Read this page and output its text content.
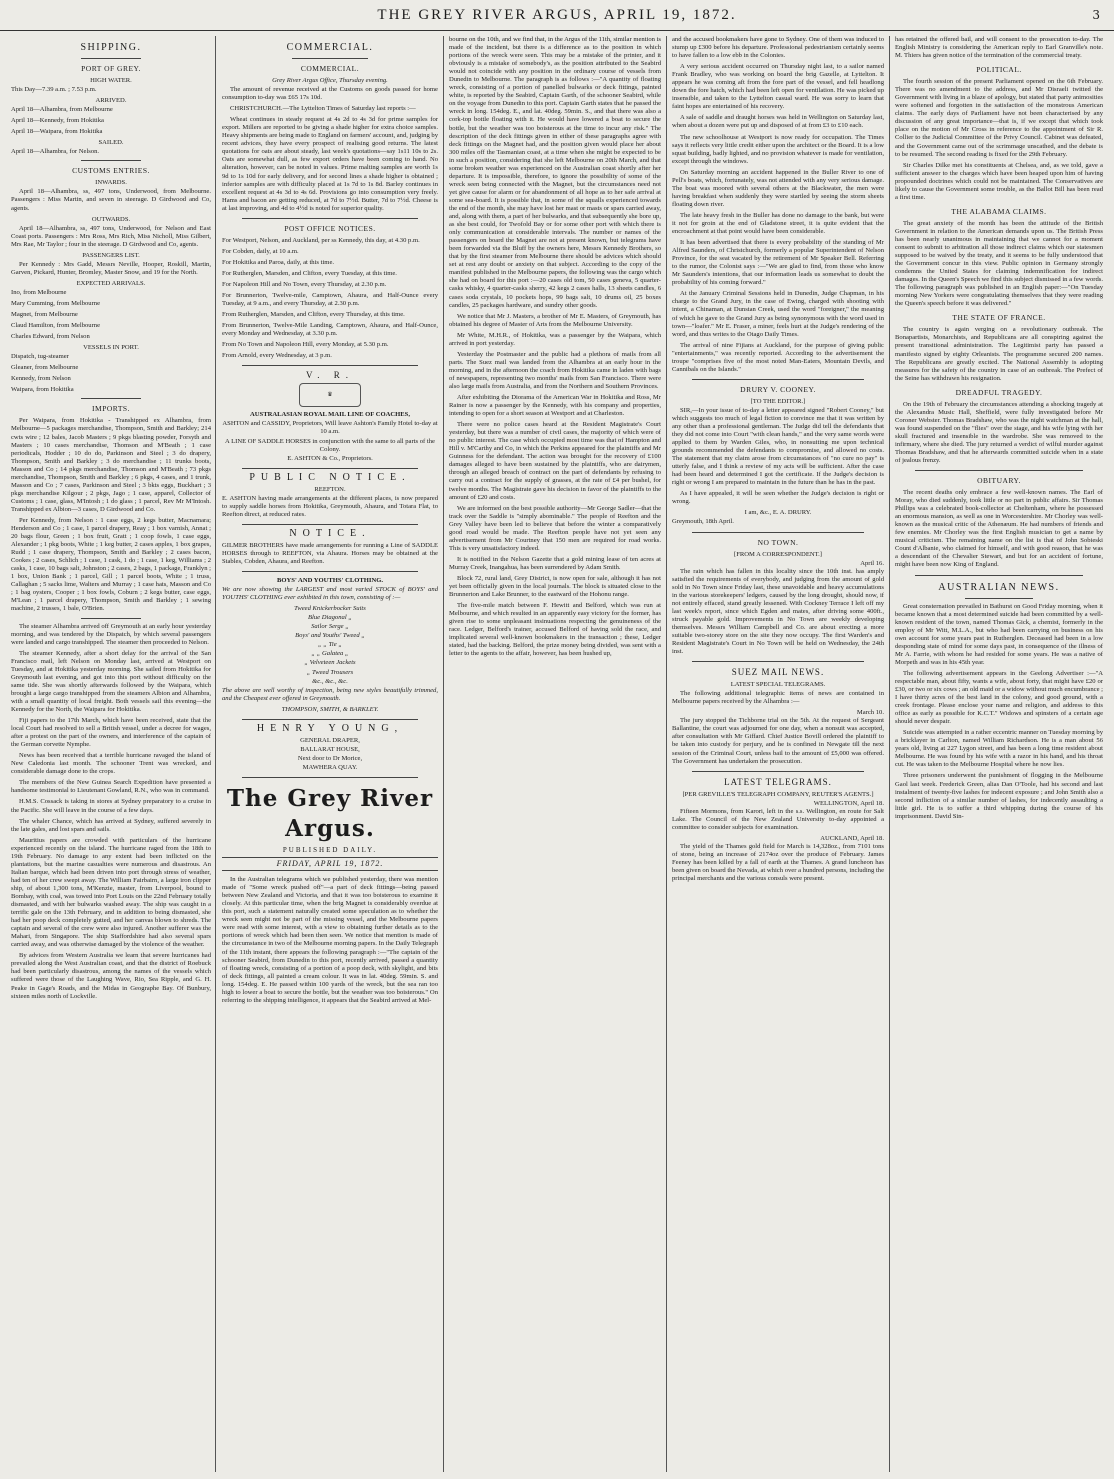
THE GREY RIVER ARGUS, APRIL 19, 1872.	3
SHIPPING.
PORT OF GREY.
HIGH WATER.

This Day—7.39 a.m. ; 7.53 p.m.

ARRIVED.

April 18—Alhambra, from Melbourne

April 18—Kennedy, from Hokitika

April 18—Waipara, from Hokitika

SAILED.

April 18—Alhambra, for Nelson.

CUSTOMS ENTRIES.
INWARDS.

April 18—Alhambra, ss, 497 tons, Underwood, from Melbourne. Passengers : Miss Martin, and seven in steerage. D Girdwood and Co, agents.

OUTWARDS.

April 18—Alhambra, ss, 497 tons, Underwood, for Nelson and East Coast ports. Passengers : Mrs Ross, Mrs Rich, Miss Nicholl, Miss Gilbert, Mrs Rae, Mr Taylor ; four in the steerage. D Girdwood and Co, agents.

PASSENGERS LIST.

Per Kennedy : Mrs Gadd, Messrs Neville, Hooper, Roskill, Martin, Garven, Pickard, Hunter, Bromley, Master Snow, and 19 for the North.

EXPECTED ARRIVALS.

Ino, from Melbourne

Mary Cumming, from Melbourne

Magnet, from Melbourne

Claud Hamilton, from Melbourne

Charles Edward, from Nelson

VESSELS IN PORT.

Dispatch, tug-steamer

Gleaner, from Melbourne

Kennedy, from Nelson

Waipara, from Hokitika

IMPORTS.

Per Waipara, from Hokitika - Transhipped ex Alhambra, from Melbourne—5 packages merchandise, Thompson, Smith and Barkley; 214 cwts wire ; 12 bales, Jacob Masters ; 9 pkgs blasting powder, Forsyth and Masters ; 10 cases merchandise, Thomson and M'Beath ; 1 case periodicals, Hodder ; 10 do do, Parkinson and Steel ; 3 do drapery, Thompson, Smith and Barkley ; 3 do merchandise ; 11 trunks boots, Masson and Co ; 14 pkgs merchandise, Thomson and M'Beath ; 73 pkgs merchandise, Thompson, Smith and Barkley ; 6 pkgs, 4 cases, and 1 trunk, Masson and Co ; 7 cases, Parkinson and Steel ; 3 bkts eggs, Buckhart ; 3 pkgs merchandise Kilgour ; 2 pkgs, Jago ; 1 case, apparel, Collector of Customs ; 1 case, glass, M'Intosh ; 1 do glass ; 1 parcel, Rev Mr M'Intosh. Transhipped ex Albion—3 cases, D Girdwood and Co.

Per Kennedy, from Nelson : 1 case eggs, 2 kegs butter, Macnamara; Henderson and Co ; 1 case, 1 parcel drapery, Reay ; 1 box varnish, Annat ; 20 bags flour, Green ; 1 box fruit, Gratt ; 1 coop fowls, 1 case eggs, Alexander ; 1 pkg boots, White ; 1 keg butter, 2 cases apples, 1 box grapes, Rudd ; 1 case drapery, Thompson, Smith and Barkley ; 2 cases bacon, Cookes ; 2 cases, Schlich ; 1 case, 1 cask, 1 do ; 1 case, 1 keg, Williams ; 2 casks, 1 case, 10 bags salt, Johnston ; 2 cases, 2 bags, 1 package, Franklyn ; 1 box, Union Bank ; 1 parcel, Gill ; 1 parcel boots, White ; 1 truss, Callaghan ; 5 sacks lime, Walters and Murray ; 1 case hats, Masson and Co ; 1 bag oysters, Cooper ; 1 box fowls, Coburn ; 2 kegs butter, case eggs, M'Lean ; 1 parcel drapery, Thompson, Smith and Barkley ; 1 sewing machine, 2 trusses, 1 bale, O'Brien.

The steamer Alhambra arrived off Greymouth at an early hour yesterday morning, and was tendered by the Dispatch, by which several passengers were landed and cargo transhipped. The steamer then proceeded to Nelson.

The steamer Kennedy, after a short delay for the arrival of the San Francisco mail, left Nelson on Monday last, arrived at Westport on Tuesday, and at Hokitika yesterday morning. She sailed from Hokitika for Greymouth last evening, and got into this port without difficulty on the same tide. She was shortly afterwards followed by the Waipara, which brought a large cargo transhipped from the steamers Albion and Alhambra, with a small quantity of local freight. Both vessels sail this evening—the Kennedy for the North, the Waipara for Hokitika.

Fiji papers to the 17th March, which have been received, state that the local Court had resolved to sell a British vessel, under a decree for wages, after a protest on the part of the owners, and interference of the captain of the German corvette Nymphe.

News has been received that a terrible hurricane ravaged the island of New Caledonia last month. The schooner Trent was wrecked, and considerable damage done to the crops.

The members of the New Guinea Search Expedition have presented a handsome testimonial to Lieutenant Gowland, R.N., who was in command.

H.M.S. Cossack is taking in stores at Sydney preparatory to a cruise in the Pacific. She will leave in the course of a few days.

The whaler Chance, which has arrived at Sydney, suffered severely in the late gales, and lost spars and sails.

Mauritius papers are crowded with particulars of the hurricane experienced recently on the island. The hurricane raged from the 18th to 19th February. No damage to any extent had been inflicted on the plantations, but the marine casualties were numerous and disastrous. An Italian barque, which had been driven into port through stress of weather, had ten of her crew swept away. The William Fairbairn, a large iron clipper ship, of about 1,300 tons, M'Kenzie, master, from Liverpool, bound to Bombay, with coal, was towed into Port Louis on the 22nd February totally dismasted, and with her bulwarks washed away. The ship was caught in a terrific gale on the 13th February, and in addition to being dismasted, she had her poop deck completely gutted, and her canvas blown to shreds. The captain and several of the crew were also injured. Another sufferer was the Mahari, from Singapore. The ship Staffordshire had also several spars carried away, and was otherwise damaged by the violence of the weather.

By advices from Western Australia we learn that severe hurricanes had prevailed along the West Australian coast, and that the district of Roebuck had been particularly disastrous, among the names of the vessels which suffered were those of the Laughing Wave, Rio, Sea Ripple, and G. H. Peake in Gage's Roads, and the Midas in Geographe Bay. Of Bunbury, sixteen miles north of Lockville.

COMMERCIAL.
COMMERCIAL.
Grey River Argus Office, Thursday evening.

The amount of revenue received at the Customs on goods passed for home consumption to-day was £65 17s 10d.

CHRISTCHURCH.—The Lyttelton Times of Saturday last reports :—

Wheat continues in steady request at 4s 2d to 4s 3d for prime samples for export. Millers are reported to be giving a shade higher for extra choice samples. Heavy shipments are being made to England on farmers' account, and, judging by recent advices, they have every prospect of realising good returns. The latest quotations for oats are about steady, last week's quotations—say 1s11 10s to 2s. Oats are somewhat dull, as few export orders have been coming to hand. No alteration, however, can be noted in values. Prime malting samples are worth 1s 9d to 1s 10d for early delivery, and for second lines a shade higher is obtained ; inferior samples are with difficulty placed at 1s 7d to 1s 8d. Barley continues in excellent request at 4s 3d to 4s 6d. Provisions go into consumption very freely. Hams and bacon are getting reduced, at 7d to 7½d. Butter, 7d to 7½d. Cheese is at last improving, and 4d to 4½d is noted for superior quality.

POST OFFICE NOTICES.

For Westport, Nelson, and Auckland, per ss Kennedy, this day, at 4.30 p.m.

For Cobden, daily, at 10 a.m.

For Hokitika and Paroa, daily, at this time.

For Rutherglen, Marsden, and Clifton, every Tuesday, at this time.

For Napoleon Hill and No Town, every Thursday, at 2.30 p.m.

For Brunnerton, Twelve-mile, Camptown, Ahaura, and Half-Ounce every Tuesday, at 9 a.m., and every Thursday, at 2.30 p.m.

From Rutherglen, Marsden, and Clifton, every Thursday, at this time.

From Brunnerton, Twelve-Mile Landing, Camptown, Ahaura, and Half-Ounce, every Monday and Wednesday, at 3.30 p.m.

From No Town and Napoleon Hill, every Monday, at 5.30 p.m.

From Arnold, every Wednesday, at 3 p.m.

V. R.
♛
AUSTRALASIAN ROYAL MAIL LINE OF COACHES,

ASHTON and CASSIDY, Proprietors, Will leave Ashton's Family Hotel to-day at 10 a.m.

A LINE OF SADDLE HORSES in conjunction with the same to all parts of the Colony.

E. ASHTON & Co., Proprietors.
PUBLIC NOTICE.
REEFTON.

E. ASHTON having made arrangements at the different places, is now prepared to supply saddle horses from Hokitika, Greymouth, Ahaura, and Totara Flat, to Reefton direct, at reduced rates.

NOTICE.

GILMER BROTHERS have made arrangements for running a Line of SADDLE HORSES through to REEFTON, via Ahaura. Horses may be obtained at the Stables, Cobden, Ahaura, and Reefton.

BOYS' AND YOUTHS' CLOTHING.

We are now showing the LARGEST and most varied STOCK of BOYS' and YOUTHS' CLOTHING ever exhibited in this town, consisting of :—

Tweed Knickerbocker Suits

Blue Diagonal „

Sailor Serge „

Boys' and Youths' Tweed „

„ „ Tie „

„ „ Galatea „

„ Velveteen Jackets

„ Tweed Trousers

&c., &c., &c.

The above are well worthy of inspection, being new styles beautifully trimmed, and the Cheapest ever offered in Greymouth.

THOMPSON, SMITH, & BARKLEY.
HENRY YOUNG,
GENERAL DRAPER,
BALLARAT HOUSE,
Next door to Dr Morice,
MAWHERA QUAY.
The Grey River Argus.
PUBLISHED DAILY.
FRIDAY, APRIL 19, 1872.

In the Australian telegrams which we published yesterday, there was mention made of "Some wreck pushed off"—a part of deck fittings—being passed between New Zealand and Victoria, and that it was too boisterous to examine it closely. At this particular time, when the brig Magnet is considerably overdue at this port, such a statement naturally created some speculation as to whether the wreck seen might not be part of the missing vessel, and the Melbourne papers were read with some interest, with a view to obtaining further details as to the portions of wreck which had been then seen. We notice that mention is made of the circumstance in two of the Melbourne morning papers. In the Daily Telegraph of the 11th instant, there appears the following paragraph :—"The captain of the schooner Seabird, from Dunedin to this port, recently arrived, passed a quantity of floating wreck, consisting of a portion of a poop deck, with skylight, and bits of deck fittings, all painted a cream colour. It was in lat. 40deg. 59min. S. and long. 154deg. E. He passed within 100 yards of the wreck, but the sea ran too high to lower a boat to secure the bottle, but the weather was too boisterous." On referring to the shipping intelligence, it appears that the Seabird arrived at Mel-

bourne on the 10th, and we find that, in the Argus of the 11th, similar mention is made of the incident, but there is a difference as to the position in which portions of the wreck were seen. This may be a mistake of the printer, and it obviously is a mistake of somebody's, as the position attributed to the Seabird would not coincide with any position in the ordinary course of vessels from Dunedin to Melbourne. The paragraph is as follows :—"A quantity of floating wreck, consisting of a portion of panelled bulwarks or deck fittings, painted white, is reported by the Seabird, Captain Garth, of the schooner Seabird, while on the voyage from Dunedin to this port. Captain Garth states that he passed the wreck in long. 154deg. E., and lat. 40deg. 59min. S., and that there was also a cork-top bottle floating with it. He would have lowered a boat to secure the bottle, but the weather was too boisterous at the time to incur any risk." The description of the deck fittings given in either of these paragraphs agree with deck fittings on the Magnet had, and the position given would place her about 300 miles off the Tasmanian coast, at a time when she might be expected to be in such a position, considering that she left Melbourne on 20th March, and that some broken weather was experienced on the Australian coast shortly after her departure. It is impossible, therefore, to ignore the possibility of some of the wreck seen being connected with the Magnet, but the circumstances need not yet give cause for alarm or for abandonment of all hope as to her safe arrival at some sea-board. It is possible that, in some of the squalls experienced towards the end of the month, she may have lost her mast or masts or spars carried away, and, along with them, a part of her bulwarks, and that subsequently she bore up, as she best could, for Twofold Bay or for some other port with which there is only communication at considerable intervals. The number or names of the passengers on board the Magnet are not at present known, but telegrams have been forwarded via the Bluff by the owners here, Messrs Kennedy Brothers, so that by the first steamer from Melbourne there should be advices which should set at rest any doubt or anxiety on that subject. According to the copy of the manifest published in the Melbourne papers, the following was the cargo which she had on board for this port :—20 cases old tom, 50 cases geneva, 5 quarter-casks whisky, 4 quarter-casks sherry, 42 kegs 2 cases halls, 13 sheets candles, 6 cases soda crystals, 10 pockets hops, 99 bags salt, 10 drums oil, 25 boxes candles, 25 packages hardware, and sundry other goods.

We notice that Mr J. Masters, a brother of Mr E. Masters, of Greymouth, has obtained his degree of Master of Arts from the Melbourne University.

Mr White, M.H.R., of Hokitika, was a passenger by the Waipara, which arrived in port yesterday.

Yesterday the Postmaster and the public had a plethora of mails from all parts. The Suez mail was landed from the Alhambra at an early hour in the morning, and in the afternoon the coach from Hokitika came in laden with bags of newspapers, representing two months' mails from San Francisco. There were also large mails from Australia, and from the Northern and Southern Provinces.

After exhibiting the Diorama of the American War in Hokitika and Ross, Mr Rainer is now a passenger by the Kennedy, with his company and properties, intending to open for a short season at Westport and at Charleston.

There were no police cases heard at the Resident Magistrate's Court yesterday, but there was a number of civil cases, the majority of which were of no public interest. The case which occupied most time was that of Hampton and Hill v. M'Carthy and Co, in which the Perkins appeared for the plaintiffs and Mr Guinness for the defendant. The action was brought for the recovery of £100 damages alleged to have been sustained by the plaintiffs, who are dairymen, through an alleged breach of contract on the part of defendants by refusing to carry out a contract for the supply of grasses, at the rate of £4 per bushel, for twelve months. The Magistrate gave his decision in favor of the plaintiffs to the amount of £20 and costs.

We are informed on the best possible authority—Mr George Sadler—that the track over the Saddle is "simply abominable." The people of Reefton and the Grey Valley have been led to believe that before the winter a comparatively good road would be made. The Reefton people have not yet seen any advertisement from Mr Courtney that 150 men are required for road works. This is very unsatisfactory indeed.

It is notified in the Nelson Gazette that a gold mining lease of ten acres at Murray Creek, Inangahua, has been surrendered by Adam Smith.

Block 72, rural land, Grey District, is now open for sale, although it has not yet been officially given in the local journals. The block is situated close to the Brunnerton and Lake Brunner, to the eastward of the Hohonu range.

The five-mile match between F. Hewitt and Belford, which was run at Melbourne, and which resulted in an apparently easy victory for the former, has given rise to some unpleasant insinuations respecting the genuineness of the race. Ledger, Belford's trainer, accused Belford of having sold the race, and implicated several well-known bookmakers in the transaction ; these, Ledger stated, had the backing. Belford, the prize money being divided, was sent with a letter to the agents to the affair, however, has been hushed up,

and the accused bookmakers have gone to Sydney. One of them was induced to stump up £300 before his departure. Professional pedestrianism certainly seems to have fallen to a low ebb in the Colonies.

A very serious accident occurred on Thursday night last, to a sailor named Frank Bradley, who was working on board the brig Gazelle, at Lyttelton. It appears he was coming aft from the fore part of the vessel, and fell headlong down the fore hatch, which had been left open for ventilation. He was picked up insensible, and taken to the Lyttelton casual ward. He was sorry to learn that faint hopes are entertained of his recovery.

A sale of saddle and draught horses was held in Wellington on Saturday last, when about a dozen were put up and disposed of at from £3 to £10 each.

The new schoolhouse at Westport is now ready for occupation. The Times says it reflects very little credit either upon the architect or the Board. It is a low squat building, badly lighted, and no provision whatever is made for ventilation, except through the windows.

On Saturday morning an accident happened in the Buller River to one of Pell's boats, which, fortunately, was not attended with any very serious damage. The boat was moored with several others at the Blackwater, the men were having breakfast when suddenly they were startled by seeing the storm sheets floating down river.

The late heavy fresh in the Buller has done no damage to the bank, but were it not for groin at the end of Gladstone street, it is quite evident that the encroachment at that point would have been considerable.

It has been advertised that there is every probability of the standing of Mr Alfred Saunders, of Christchurch, formerly a popular Superintendent of Nelson Province, for the seat vacated by the retirement of Mr Speaker Bell. Referring to the rumor, the Colonist says :—"We are glad to find, from those who know Mr Saunders's intentions, that our information leads us somewhat to doubt the probability of his coming forward."

At the January Criminal Sessions held in Dunedin, Judge Chapman, in his charge to the Grand Jury, in the case of Ewing, charged with shooting with intent, a Chinaman, at Dunstan Creek, used the word "foreigner," the meaning of which he gave to the Grand Jury as being synonymous with the word used in town—"loafer." Mr E. Fraser, a miner, feels hurt at the Judge's rendering of the word, and thus writes to the Otago Daily Times.

The arrival of nine Fijians at Auckland, for the purpose of giving public "entertainments," was recently reported. According to the advertisement the troupe "comprises five of the most noted Man-Eaters, Mountain Devils, and Cannibals on the Islands."

DRURY V. COONEY.
[TO THE EDITOR.]

SIR,—In your issue of to-day a letter appeared signed "Robert Cooney," but which suggests too much of legal fiction to convince me that it was written by any other than a professional gentleman. The Judge did tell the defendants that they did not come into Court "with clean hands," and the very same words were applied to them by Warden Giles, who, in nonsuiting me upon technical grounds recommended the defendants to compromise, and allowed no costs. The statement that my claim arose from circumstances of "no cure no pay" is utterly false, and I think a review of my acts will be sufficient. After the case had been heard and determined I got the certificate. If the Judge's decision is right or wrong I am prepared to maintain in the future than he has in the past.

As I have appealed, it will be seen whether the Judge's decision is right or wrong.

I am, &c., E. A. DRURY.

Greymouth, 18th April.

NO TOWN.
[FROM A CORRESPONDENT.]
April 16.

The rain which has fallen in this locality since the 10th inst. has amply satisfied the requirements of everybody, and judging from the amount of gold sold in No Town since Friday last, these unavoidable and heavy accumulations in the various storekeepers' ledgers, caused by the long drought, should now, if not entirely effaced, stand greatly lessened. With Cockney Terrace I left off my last week's report, since which Egden and mates, after driving some 400ft., struck payable gold. Improvements in No Town are weekly developing themselves. Messrs William Campbell and Co. are about erecting a more suitable two-storey store on the site they now occupy. The first Warden's and Resident Magistrate's Court in No Town will be held on Wednesday, the 24th inst.

SUEZ MAIL NEWS.
LATEST SPECIAL TELEGRAMS.

The following additional telegraphic items of news are contained in Melbourne papers received by the Alhambra :—

March 10.

The jury stopped the Tichborne trial on the 5th. At the request of Sergeant Ballantine, the court was adjourned for one day, when a nonsuit was accepted, after consultation with Mr Giffard. Chief Justice Bovill ordered the plaintiff to be taken into custody for perjury, and he is confined in Newgate till the next session of the Criminal Court, unless bail to the amount of £5,000 was offered. The Government has undertaken the prosecution.

LATEST TELEGRAMS.
[PER GREVILLE'S TELEGRAPH COMPANY, REUTER'S AGENTS.]
WELLINGTON, April 18.

Fifteen Mormons, from Karori, left in the s.s. Wellington, en route for Salt Lake. The Council of the New Zealand University to-day appointed a committee to consider subjects for examination.

AUCKLAND, April 18.

The yield of the Thames gold field for March is 14,328oz., from 7101 tons of stone, being an increase of 2174oz over the produce of February. James Feeney has been killed by a fall of earth at the Thames. A grand luncheon has been given on board the Nevada, at which over a hundred persons, including the principal merchants and the various consuls were present.

has retained the offered bail, and will consent to the prosecution to-day. The English Ministry is considering the American reply to Earl Granville's note. M. Thiers has given notice of the termination of the commercial treaty.

POLITICAL.

The fourth session of the present Parliament opened on the 6th February. There was no amendment to the address, and Mr Disraeli twitted the Government with living in a blaze of apology, but stated that party animosities were softened and forgotten in the satisfaction of the monstrous American claims. The early days of Parliament have not been characterised by any discussion of any great importance—that is, if we except that which took place on the motion of Mr Cross in reference to the appointment of Sir R. Collier to the Judicial Committee of the Privy Council. Cabinet was defeated, and the Government came out of the scrimmage unscathed, and the debate is to be resumed. The second reading is fixed for the 29th February.

Sir Charles Dilke met his constituents at Chelsea, and, as we told, gave a sufficient answer to the charges which have been heaped upon him of having propounded doctrines which could not be maintained. The Conservatives are likely to cause the Government some trouble, as the Ballot Bill has been read a first time.

THE ALABAMA CLAIMS.

The great anxiety of the month has been the attitude of the British Government in relation to the American demands upon us. The British Press has been nearly unanimous in maintaining that we cannot for a moment consent to submit to arbitration all those indirect claims which our statesmen supposed to be waived by the treaty, and it seems to be fully understood that the Government concur in this view. Public opinion in Germany strongly condemns the United States for claiming indemnification for indirect damages. In the Queen's Speech we find this subject dismissed in a few words. The following paragraph was published in an English paper:—"On Tuesday morning New Yorkers were congratulating themselves that they were reading the Queen's speech before it was delivered."

THE STATE OF FRANCE.

The country is again verging on a revolutionary outbreak. The Bonapartists, Monarchists, and Republicans are all conspiring against the present transitional administration. The Legitimist party has passed a manifesto signed by eighty Orleanists. The programme secured 200 names. The Republicans are greatly excited. The National Assembly is adopting measures for the safety of the country in case of an outbreak. The Prefect of the Seine has withdrawn his resignation.

DREADFUL TRAGEDY.

On the 19th of February the circumstances attending a shocking tragedy at the Alexandra Music Hall, Sheffield, were fully investigated before Mr Coroner Webster. Thomas Bradshaw, who was the night watchman at the hall, was found suspended on the "flies" over the stage, and his wife lying with her skull fractured and insensible in the wardrobe. She was removed to the infirmary, where she died. The jury returned a verdict of wilful murder against Thomas Bradshaw, and that he afterwards committed suicide when in a state of jealous frenzy.

OBITUARY.

The recent deaths only embrace a few well-known names. The Earl of Moray, who died suddenly, took little or no part in public affairs. Sir Thomas Phillips was a celebrated book-collector at Cheltenham, where he possessed an enormous mansion, as well as one in Worcestershire. Mr Chorley was well-known as the musical critic of the Athenæum. He had numbers of friends and few enemies. Mr Chorley was the first English musician to get a name by musical criticism. The remaining name on the list is that of John Sobieski Count d'Albanie, who claimed for himself, and with good reason, that he was a descendant of the Chevalier Stewart, and but for an accident of fortune, might have been now King of England.

AUSTRALIAN NEWS.

Great consternation prevailed in Bathurst on Good Friday morning, when it became known that a most determined suicide had been committed by a well-known resident of the town, named Thomas Gick, a chemist, formerly in the employ of Mr Witt, M.L.A., but who had been carrying on business on his own account for some years past in Rutherglen. Deceased had been in a low desponding state of mind for some days past, in consequence of the illness of Mr A. Farrie, with whom he had resided for some years. He was a native of Morpeth and was in his 45th year.

The following advertisement appears in the Geelong Advertiser :—"A respectable man, about fifty, wants a wife, about forty, that might have £20 or £30, or two or six cows ; an old maid or a widow without much encumbrance ; I have thirty acres of the best land in the colony, and good ground, with a creek frontage. Please enclose your name and religion, and address to this office as early as possible for K.C.T." Widows and spinsters of a certain age should never despair.

Suicide was attempted in a rather eccentric manner on Tuesday morning by a bricklayer in Carlton, named William Richardson. He is a man about 56 years old, living at 227 Lygon street, and has been a long time resident about Melbourne. He was found by his wife with a razor in his hand, and his throat cut. He was taken to the Melbourne Hospital where he now lies.

Three prisoners underwent the punishment of flogging in the Melbourne Gaol last week. Frederick Green, alias Dan O'Toole, had his second and last instalment of twenty-five lashes for indecent exposure ; and John Smith also a second infliction of a similar number of lashes, for indecently assaulting a little girl. He is to suffer a third whipping during the course of his imprisonment. David Sin-
